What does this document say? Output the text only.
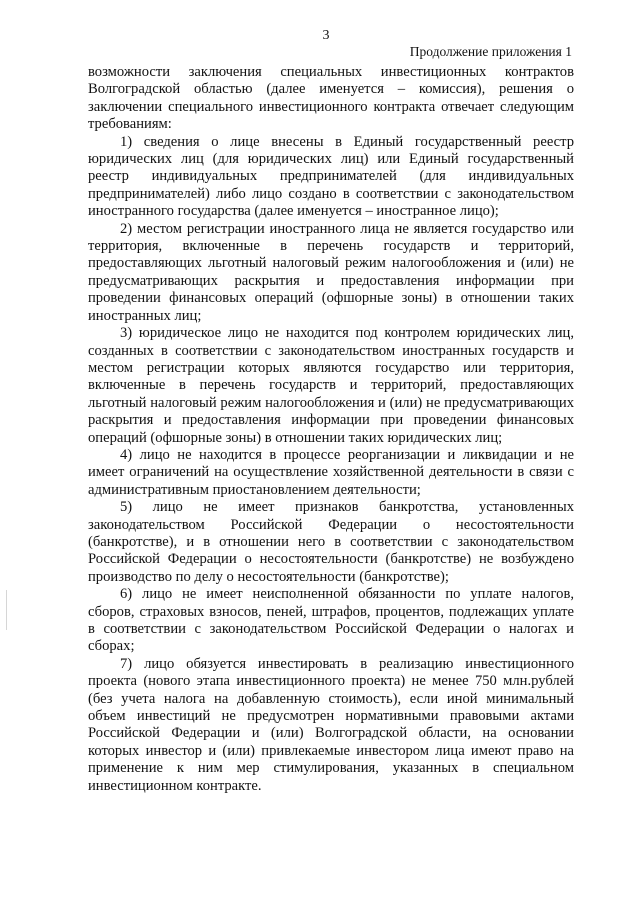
3
Продолжение приложения 1

возможности заключения специальных инвестиционных контрактов Волгоградской областью (далее именуется – комиссия), решения о заключении специального инвестиционного контракта отвечает следующим требованиям:

1) сведения о лице внесены в Единый государственный реестр юридических лиц (для юридических лиц) или Единый государственный реестр индивидуальных предпринимателей (для индивидуальных предпринимателей) либо лицо создано в соответствии с законодательством иностранного государства (далее именуется – иностранное лицо);

2) местом регистрации иностранного лица не является государство или территория, включенные в перечень государств и территорий, предоставляющих льготный налоговый режим налогообложения и (или) не предусматривающих раскрытия и предоставления информации при проведении финансовых операций (офшорные зоны) в отношении таких иностранных лиц;

3) юридическое лицо не находится под контролем юридических лиц, созданных в соответствии с законодательством иностранных государств и местом регистрации которых являются государство или территория, включенные в перечень государств и территорий, предоставляющих льготный налоговый режим налогообложения и (или) не предусматривающих раскрытия и предоставления информации при проведении финансовых операций (офшорные зоны) в отношении таких юридических лиц;

4) лицо не находится в процессе реорганизации и ликвидации и не имеет ограничений на осуществление хозяйственной деятельности в связи с административным приостановлением деятельности;

5) лицо не имеет признаков банкротства, установленных законодательством Российской Федерации о несостоятельности (банкротстве), и в отношении него в соответствии с законодательством Российской Федерации о несостоятельности (банкротстве) не возбуждено производство по делу о несостоятельности (банкротстве);

6) лицо не имеет неисполненной обязанности по уплате налогов, сборов, страховых взносов, пеней, штрафов, процентов, подлежащих уплате в соответствии с законодательством Российской Федерации о налогах и сборах;

7) лицо обязуется инвестировать в реализацию инвестиционного проекта (нового этапа инвестиционного проекта) не менее 750 млн.рублей (без учета налога на добавленную стоимость), если иной минимальный объем инвестиций не предусмотрен нормативными правовыми актами Российской Федерации и (или) Волгоградской области, на основании которых инвестор и (или) привлекаемые инвестором лица имеют право на применение к ним мер стимулирования, указанных в специальном инвестиционном контракте.
